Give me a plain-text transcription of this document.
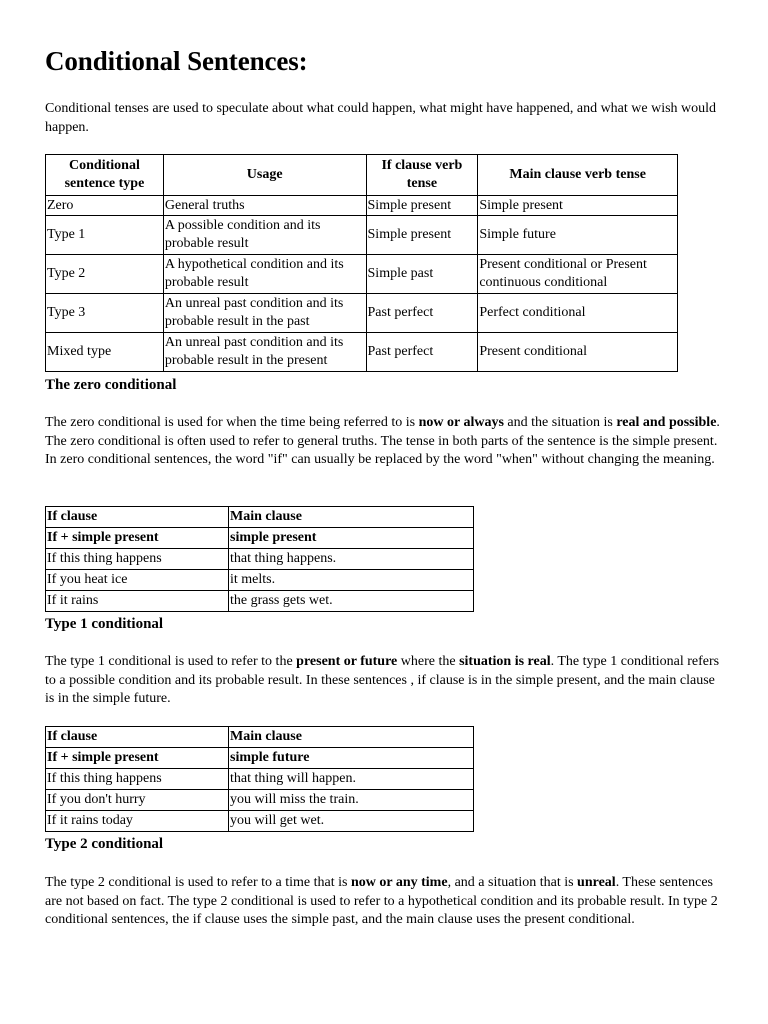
Conditional Sentences:

Conditional tenses are used to speculate about what could happen, what might have happened, and what we wish would happen.

Conditional sentence type	Usage	If clause verb tense	Main clause verb tense
Zero	General truths	Simple present	Simple present
Type 1	A possible condition and its probable result	Simple present	Simple future
Type 2	A hypothetical condition and its probable result	Simple past	Present conditional or Present continuous conditional
Type 3	An unreal past condition and its probable result in the past	Past perfect	Perfect conditional
Mixed type	An unreal past condition and its probable result in the present	Past perfect	Present conditional
The zero conditional

The zero conditional is used for when the time being referred to is now or always and the situation is real and possible. The zero conditional is often used to refer to general truths. The tense in both parts of the sentence is the simple present. In zero conditional sentences, the word "if" can usually be replaced by the word "when" without changing the meaning.

If clause	Main clause
If + simple present	simple present
If this thing happens	that thing happens.
If you heat ice	it melts.
If it rains	the grass gets wet.
Type 1 conditional

The type 1 conditional is used to refer to the present or future where the situation is real. The type 1 conditional refers to a possible condition and its probable result. In these sentences , if clause is in the simple present, and the main clause is in the simple future.

If clause	Main clause
If + simple present	simple future
If this thing happens	that thing will happen.
If you don't hurry	you will miss the train.
If it rains today	you will get wet.
Type 2 conditional

The type 2 conditional is used to refer to a time that is now or any time, and a situation that is unreal. These sentences are not based on fact. The type 2 conditional is used to refer to a hypothetical condition and its probable result. In type 2 conditional sentences, the if clause uses the simple past, and the main clause uses the present conditional.
